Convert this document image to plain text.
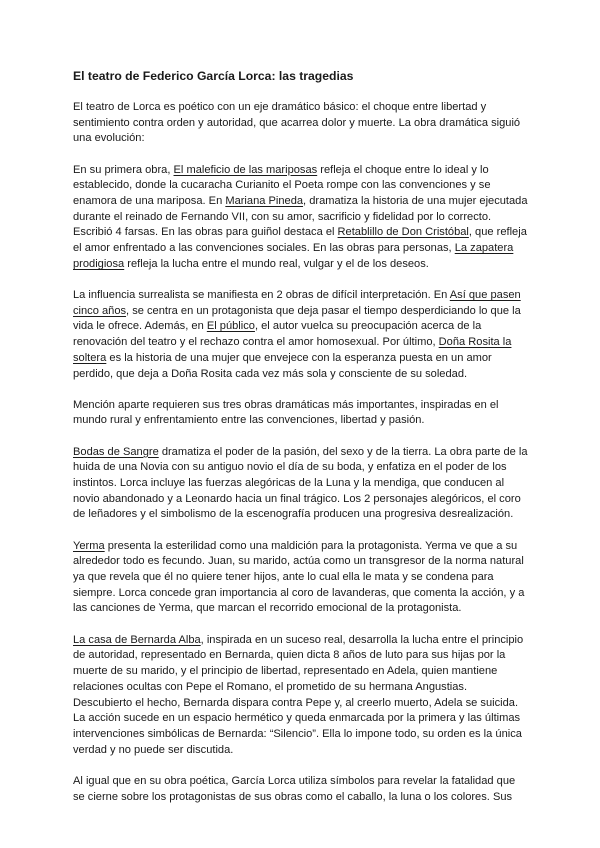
El teatro de Federico García Lorca: las tragedias

El teatro de Lorca es poético con un eje dramático básico: el choque entre libertad y sentimiento contra orden y autoridad, que acarrea dolor y muerte. La obra dramática siguió una evolución:

En su primera obra, El maleficio de las mariposas refleja el choque entre lo ideal y lo establecido, donde la cucaracha Curianito el Poeta rompe con las convenciones y se enamora de una mariposa. En Mariana Pineda, dramatiza la historia de una mujer ejecutada durante el reinado de Fernando VII, con su amor, sacrificio y fidelidad por lo correcto. Escribió 4 farsas. En las obras para guiñol destaca el Retablillo de Don Cristóbal, que refleja el amor enfrentado a las convenciones sociales. En las obras para personas, La zapatera prodigiosa refleja la lucha entre el mundo real, vulgar y el de los deseos.

La influencia surrealista se manifiesta en 2 obras de difícil interpretación. En Así que pasen cinco años, se centra en un protagonista que deja pasar el tiempo desperdiciando lo que la vida le ofrece. Además, en El público, el autor vuelca su preocupación acerca de la renovación del teatro y el rechazo contra el amor homosexual. Por último, Doña Rosita la soltera es la historia de una mujer que envejece con la esperanza puesta en un amor perdido, que deja a Doña Rosita cada vez más sola y consciente de su soledad.

Mención aparte requieren sus tres obras dramáticas más importantes, inspiradas en el mundo rural y enfrentamiento entre las convenciones, libertad y pasión.

Bodas de Sangre dramatiza el poder de la pasión, del sexo y de la tierra. La obra parte de la huida de una Novia con su antiguo novio el día de su boda, y enfatiza en el poder de los instintos. Lorca incluye las fuerzas alegóricas de la Luna y la mendiga, que conducen al novio abandonado y a Leonardo hacia un final trágico. Los 2 personajes alegóricos, el coro de leñadores y el simbolismo de la escenografía producen una progresiva desrealización.

Yerma presenta la esterilidad como una maldición para la protagonista. Yerma ve que a su alrededor todo es fecundo. Juan, su marido, actúa como un transgresor de la norma natural ya que revela que él no quiere tener hijos, ante lo cual ella le mata y se condena para siempre. Lorca concede gran importancia al coro de lavanderas, que comenta la acción, y a las canciones de Yerma, que marcan el recorrido emocional de la protagonista.

La casa de Bernarda Alba, inspirada en un suceso real, desarrolla la lucha entre el principio de autoridad, representado en Bernarda, quien dicta 8 años de luto para sus hijas por la muerte de su marido, y el principio de libertad, representado en Adela, quien mantiene relaciones ocultas con Pepe el Romano, el prometido de su hermana Angustias. Descubierto el hecho, Bernarda dispara contra Pepe y, al creerlo muerto, Adela se suicida. La acción sucede en un espacio hermético y queda enmarcada por la primera y las últimas intervenciones simbólicas de Bernarda: “Silencio”. Ella lo impone todo, su orden es la única verdad y no puede ser discutida.

Al igual que en su obra poética, García Lorca utiliza símbolos para revelar la fatalidad que se cierne sobre los protagonistas de sus obras como el caballo, la luna o los colores. Sus
